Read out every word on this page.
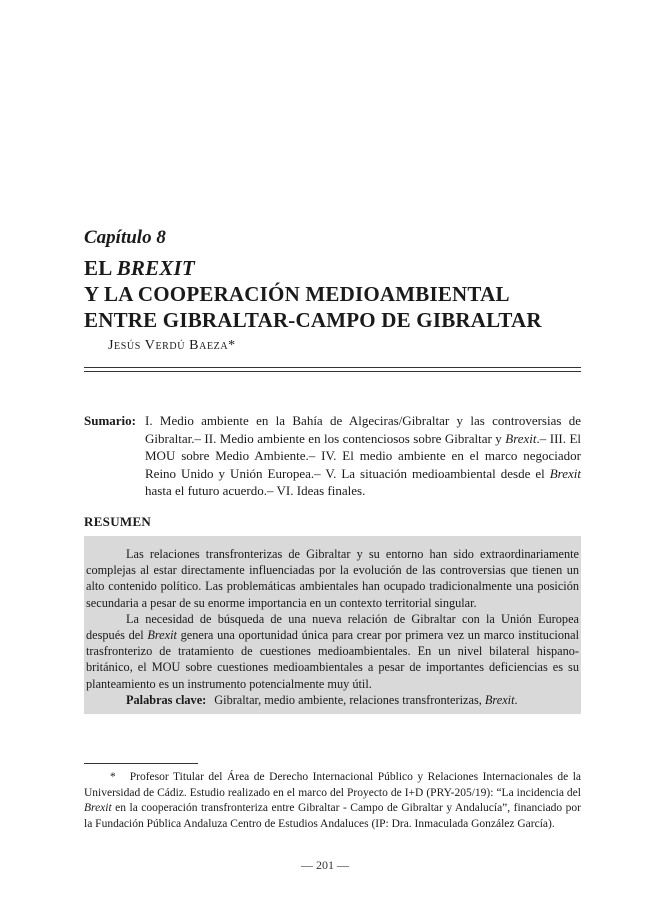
Capítulo 8
EL BREXIT
Y LA COOPERACIÓN MEDIOAMBIENTAL
ENTRE GIBRALTAR-CAMPO DE GIBRALTAR
Jesús Verdú Baeza*
Sumario: I. Medio ambiente en la Bahía de Algeciras/Gibraltar y las controversias de Gibraltar.– II. Medio ambiente en los contenciosos sobre Gibraltar y Brexit.– III. El MOU sobre Medio Ambiente.– IV. El medio ambiente en el marco negociador Reino Unido y Unión Europea.– V. La situación medioambiental desde el Brexit hasta el futuro acuerdo.– VI. Ideas finales.
RESUMEN

Las relaciones transfronterizas de Gibraltar y su entorno han sido extraordinariamente complejas al estar directamente influenciadas por la evolución de las controversias que tienen un alto contenido político. Las problemáticas ambientales han ocupado tradicionalmente una posición secundaria a pesar de su enorme importancia en un contexto territorial singular.

La necesidad de búsqueda de una nueva relación de Gibraltar con la Unión Europea después del Brexit genera una oportunidad única para crear por primera vez un marco institucional trasfronterizo de tratamiento de cuestiones medioambientales. En un nivel bilateral hispano-británico, el MOU sobre cuestiones medioambientales a pesar de importantes deficiencias es su planteamiento es un instrumento potencialmente muy útil.

Palabras clave: Gibraltar, medio ambiente, relaciones transfronterizas, Brexit.

* Profesor Titular del Área de Derecho Internacional Público y Relaciones Internacionales de la Universidad de Cádiz. Estudio realizado en el marco del Proyecto de I+D (PRY-205/19): “La incidencia del Brexit en la cooperación transfronteriza entre Gibraltar - Campo de Gibraltar y Andalucía”, financiado por la Fundación Pública Andaluza Centro de Estudios Andaluces (IP: Dra. Inmaculada González García).
— 201 —
